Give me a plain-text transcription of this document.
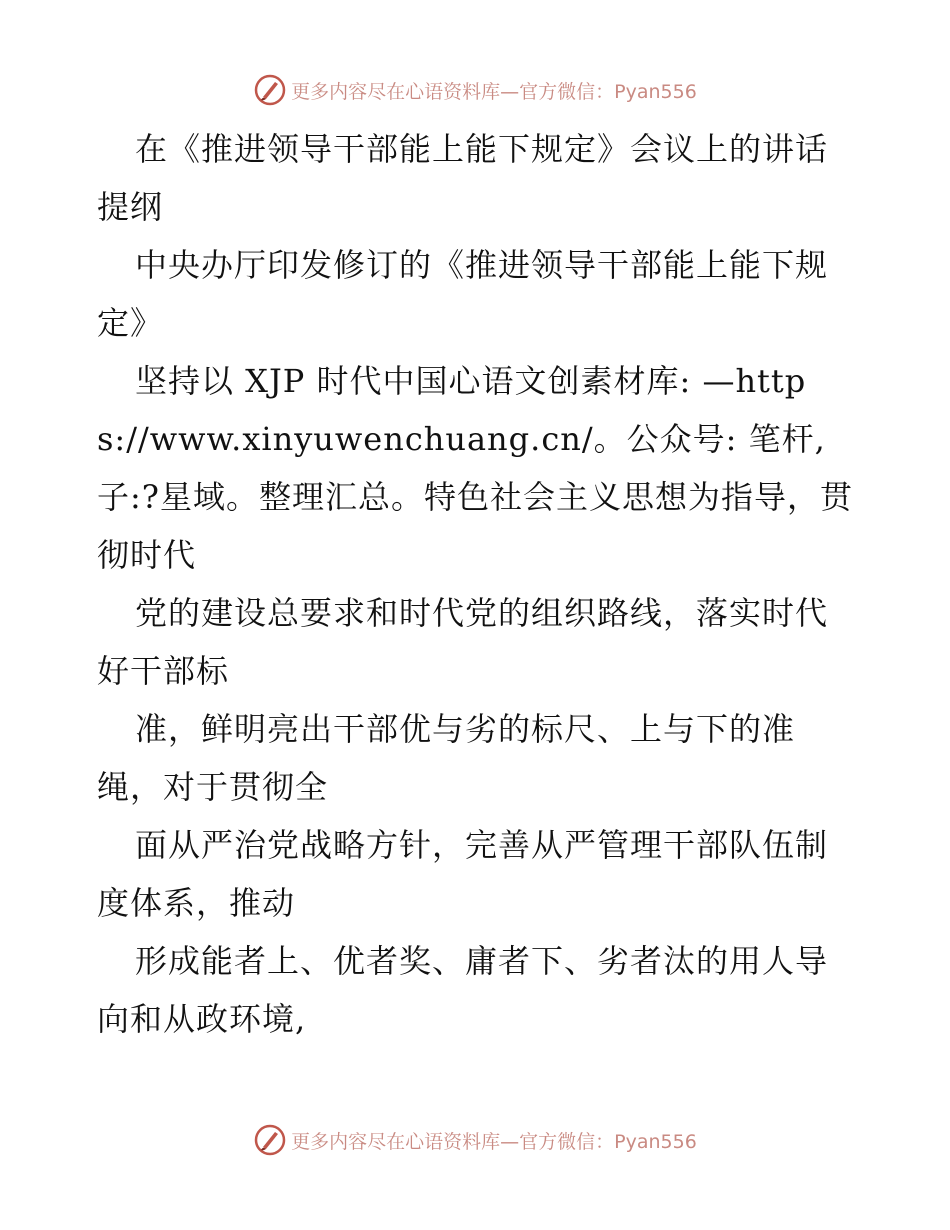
更多内容尽在心语资料库—官方微信：Pyan556

在《推进领导干部能上能下规定》会议上的讲话提纲

中央办厅印发修订的《推进领导干部能上能下规定》

坚持以 XJP 时代中国心语文创素材库: —https://www.xinyuwenchuang.cn/。公众号: 笔杆,子:?星域。整理汇总。特色社会主义思想为指导，贯彻时代

党的建设总要求和时代党的组织路线，落实时代好干部标

准，鲜明亮出干部优与劣的标尺、上与下的准绳，对于贯彻全

面从严治党战略方针，完善从严管理干部队伍制度体系，推动

形成能者上、优者奖、庸者下、劣者汰的用人导向和从政环境,

更多内容尽在心语资料库—官方微信：Pyan556
